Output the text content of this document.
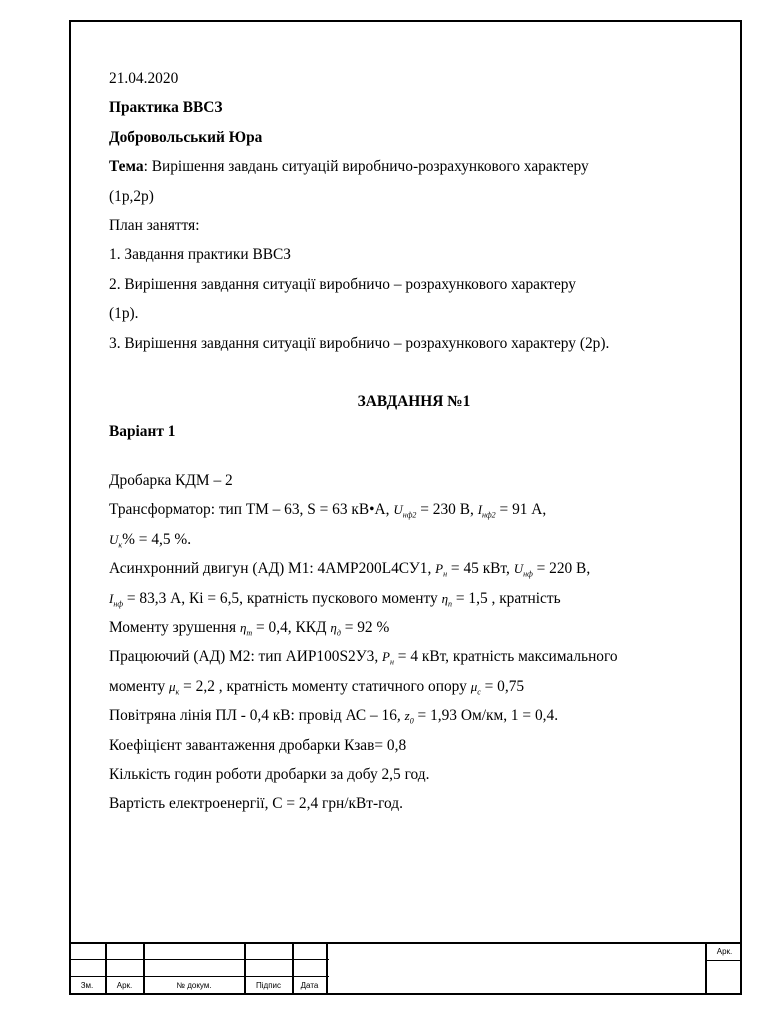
21.04.2020
Практика ВВСЗ
Добровольський Юра
Тема: Вирішення завдань ситуацій виробничо-розрахункового характеру
(1р,2р)
План заняття:
1. Завдання практики ВВСЗ
2. Вирішення завдання ситуації виробничо – розрахункового характеру
(1р).
3. Вирішення завдання ситуації виробничо – розрахункового характеру (2р).
ЗАВДАННЯ №1
Варіант 1
Дробарка КДМ – 2
Трансформатор: тип ТМ – 63, S = 63 кВ•А, $U_{нф2} = 230$ В, $I_{нф2} = 91$ А,
$U_к\% = 4,5$ %.
Асинхронний двигун (АД) М1: 4АМР200L4СУ1, $P_н = 45$ кВт, $U_{нф} = 220$ В,
$I_{нф} = 83,3$ А, Кі = 6,5, кратність пускового моменту $\eta_п = 1,5$ , кратність
Моменту зрушення $\eta_т = 0,4$, ККД $\eta_д = 92$ %
Працюючий (АД) М2: тип АИР100S2У3, $P_н = 4$ кВт, кратність максимального
моменту $\mu_к = 2,2$ , кратність моменту статичного опору $\mu_с = 0,75$
Повітряна лінія ПЛ - 0,4 кВ: провід АС – 16, $z_0 = 1,93$ Ом/км, 1 = 0,4.
Коефіцієнт завантаження дробарки Кзав= 0,8
Кількість годин роботи дробарки за добу 2,5 год.
Вартість електроенергії, С = 2,4 грн/кВт-год.
Зм.	Арк.	№ докум.	Підпис	Дата
Арк.
